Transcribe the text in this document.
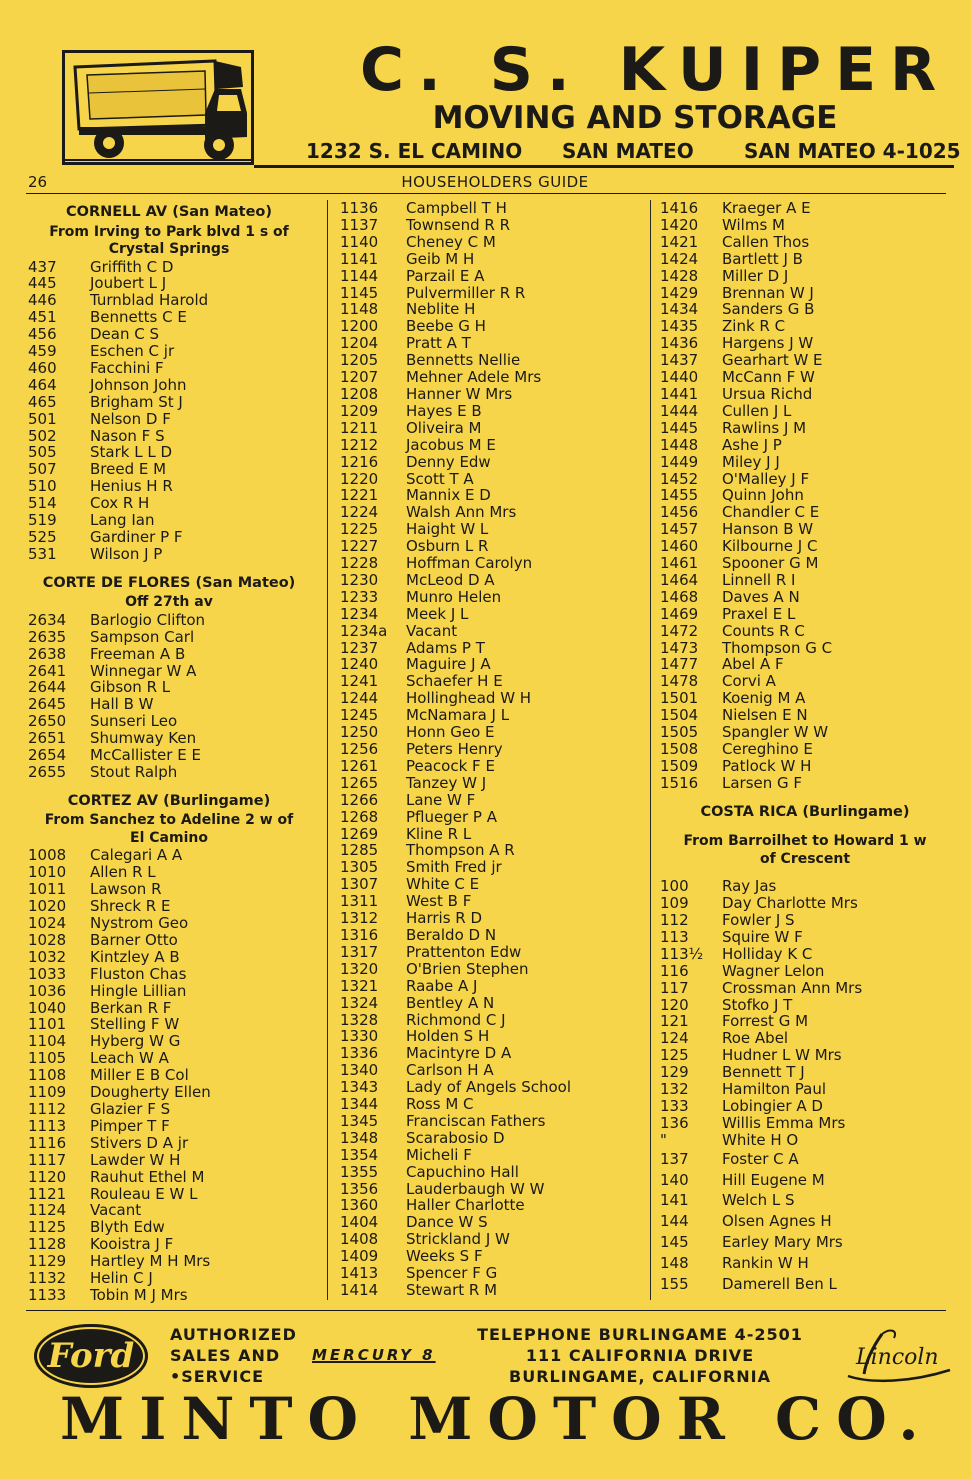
C. S. KUIPER
MOVING AND STORAGE
1232 S. EL CAMINO SAN MATEO	SAN MATEO 4-1025
26	HOUSEHOLDERS GUIDE
CORNELL AV (San Mateo)
From Irving to Park blvd 1 s of
Crystal Springs
437	Griffith C D
445	Joubert L J
446	Turnblad Harold
451	Bennetts C E
456	Dean C S
459	Eschen C jr
460	Facchini F
464	Johnson John
465	Brigham St J
501	Nelson D F
502	Nason F S
505	Stark L L D
507	Breed E M
510	Henius H R
514	Cox R H
519	Lang Ian
525	Gardiner P F
531	Wilson J P
CORTE DE FLORES (San Mateo)
Off 27th av
2634	Barlogio Clifton
2635	Sampson Carl
2638	Freeman A B
2641	Winnegar W A
2644	Gibson R L
2645	Hall B W
2650	Sunseri Leo
2651	Shumway Ken
2654	McCallister E E
2655	Stout Ralph
CORTEZ AV (Burlingame)
From Sanchez to Adeline 2 w of
El Camino
1008	Calegari A A
1010	Allen R L
1011	Lawson R
1020	Shreck R E
1024	Nystrom Geo
1028	Barner Otto
1032	Kintzley A B
1033	Fluston Chas
1036	Hingle Lillian
1040	Berkan R F
1101	Stelling F W
1104	Hyberg W G
1105	Leach W A
1108	Miller E B Col
1109	Dougherty Ellen
1112	Glazier F S
1113	Pimper T F
1116	Stivers D A jr
1117	Lawder W H
1120	Rauhut Ethel M
1121	Rouleau E W L
1124	Vacant
1125	Blyth Edw
1128	Kooistra J F
1129	Hartley M H Mrs
1132	Helin C J
1133	Tobin M J Mrs
1136	Campbell T H
1137	Townsend R R
1140	Cheney C M
1141	Geib M H
1144	Parzail E A
1145	Pulvermiller R R
1148	Neblite H
1200	Beebe G H
1204	Pratt A T
1205	Bennetts Nellie
1207	Mehner Adele Mrs
1208	Hanner W Mrs
1209	Hayes E B
1211	Oliveira M
1212	Jacobus M E
1216	Denny Edw
1220	Scott T A
1221	Mannix E D
1224	Walsh Ann Mrs
1225	Haight W L
1227	Osburn L R
1228	Hoffman Carolyn
1230	McLeod D A
1233	Munro Helen
1234	Meek J L
1234a	Vacant
1237	Adams P T
1240	Maguire J A
1241	Schaefer H E
1244	Hollinghead W H
1245	McNamara J L
1250	Honn Geo E
1256	Peters Henry
1261	Peacock F E
1265	Tanzey W J
1266	Lane W F
1268	Pflueger P A
1269	Kline R L
1285	Thompson A R
1305	Smith Fred jr
1307	White C E
1311	West B F
1312	Harris R D
1316	Beraldo D N
1317	Prattenton Edw
1320	O'Brien Stephen
1321	Raabe A J
1324	Bentley A N
1328	Richmond C J
1330	Holden S H
1336	Macintyre D A
1340	Carlson H A
1343	Lady of Angels School
1344	Ross M C
1345	Franciscan Fathers
1348	Scarabosio D
1354	Micheli F
1355	Capuchino Hall
1356	Lauderbaugh W W
1360	Haller Charlotte
1404	Dance W S
1408	Strickland J W
1409	Weeks S F
1413	Spencer F G
1414	Stewart R M
1416	Kraeger A E
1420	Wilms M
1421	Callen Thos
1424	Bartlett J B
1428	Miller D J
1429	Brennan W J
1434	Sanders G B
1435	Zink R C
1436	Hargens J W
1437	Gearhart W E
1440	McCann F W
1441	Ursua Richd
1444	Cullen J L
1445	Rawlins J M
1448	Ashe J P
1449	Miley J J
1452	O'Malley J F
1455	Quinn John
1456	Chandler C E
1457	Hanson B W
1460	Kilbourne J C
1461	Spooner G M
1464	Linnell R I
1468	Daves A N
1469	Praxel E L
1472	Counts R C
1473	Thompson G C
1477	Abel A F
1478	Corvi A
1501	Koenig M A
1504	Nielsen E N
1505	Spangler W W
1508	Cereghino E
1509	Patlock W H
1516	Larsen G F
COSTA RICA (Burlingame)
From Barroilhet to Howard 1 w
of Crescent
100	Ray Jas
109	Day Charlotte Mrs
112	Fowler J S
113	Squire W F
113½	Holliday K C
116	Wagner Lelon
117	Crossman Ann Mrs
120	Stofko J T
121	Forrest G M
124	Roe Abel
125	Hudner L W Mrs
129	Bennett T J
132	Hamilton Paul
133	Lobingier A D
136	Willis Emma Mrs
"	White H O
137	Foster C A
140	Hill Eugene M
141	Welch L S
144	Olsen Agnes H
145	Earley Mary Mrs
148	Rankin W H
155	Damerell Ben L
Ford
AUTHORIZED
SALES AND
•SERVICE
MERCURY 8
TELEPHONE BURLINGAME 4-2501
111 CALIFORNIA DRIVE
BURLINGAME, CALIFORNIA
Lincoln
MINTO MOTOR CO.
